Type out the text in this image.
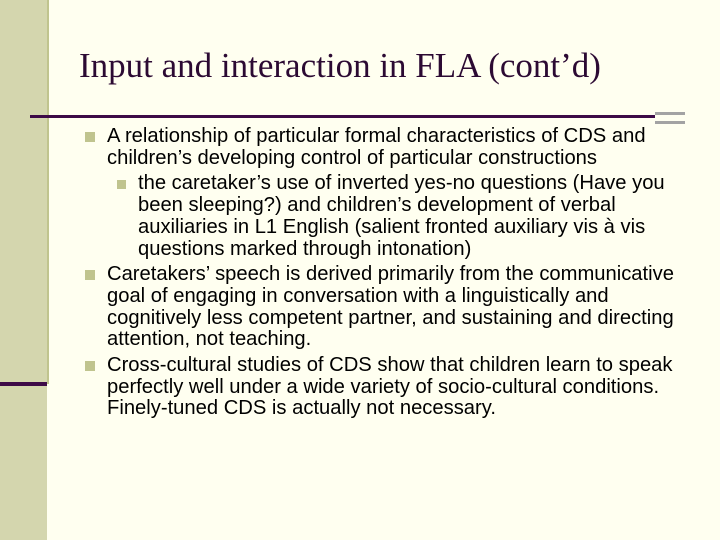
Input and interaction in FLA (cont’d)
A relationship of particular formal characteristics of CDS and children’s developing control of particular constructions
the caretaker’s use of inverted yes-no questions (Have you been sleeping?) and children’s development of verbal auxiliaries in L1 English (salient fronted auxiliary vis à vis questions marked through intonation)
Caretakers’ speech is derived primarily from the communicative goal of engaging in conversation with a linguistically and cognitively less competent partner, and sustaining and directing attention, not teaching.
Cross-cultural studies of CDS show that children learn to speak perfectly well under a wide variety of socio-cultural conditions. Finely-tuned CDS is actually not necessary.
